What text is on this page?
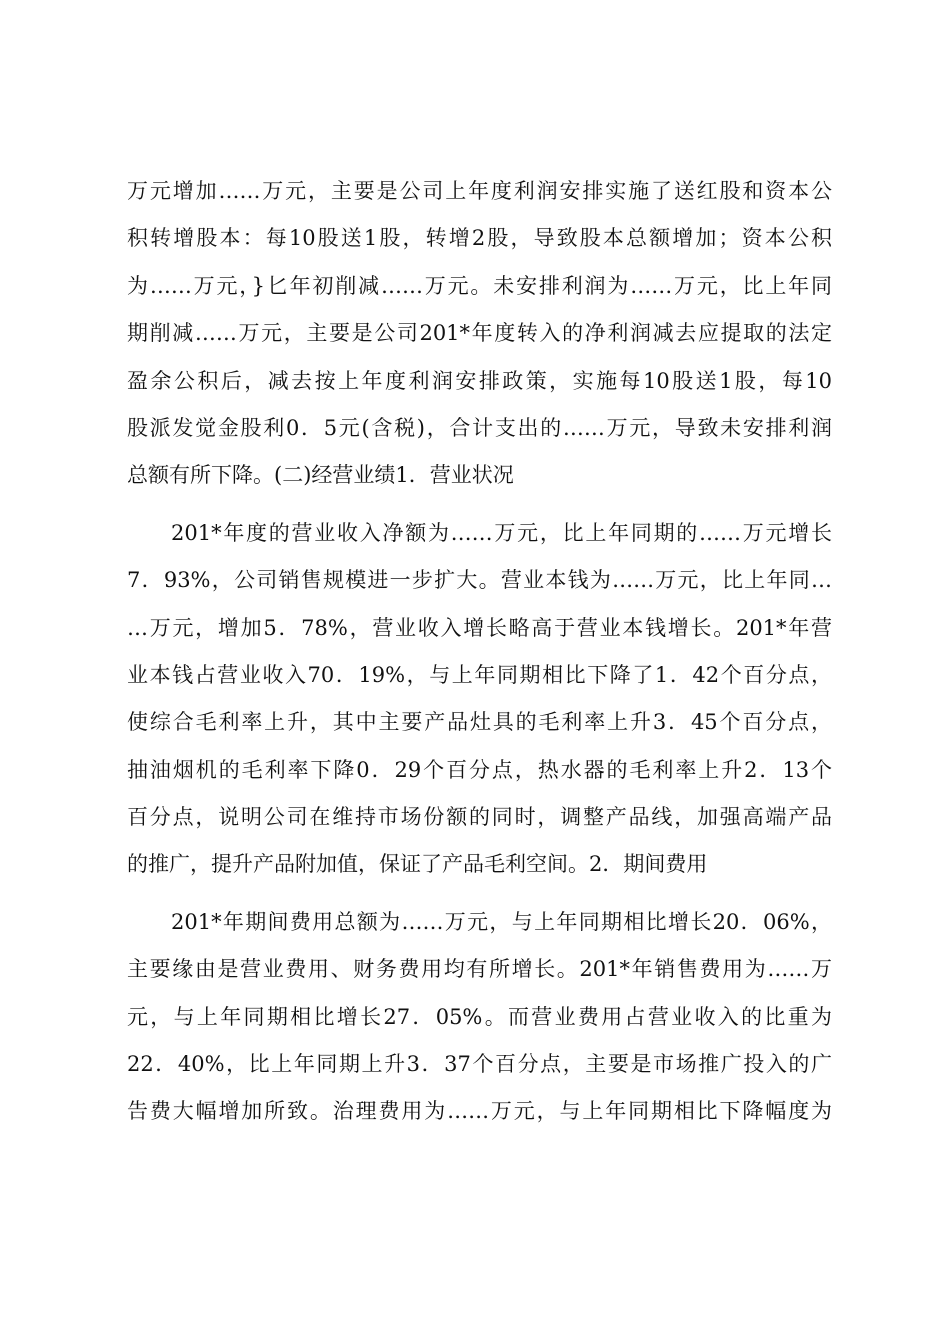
万元增加……万元，主要是公司上年度利润安排实施了送红股和资本公
积转增股本：每10股送1股，转增2股，导致股本总额增加；资本公积
为……万元，}匕年初削减……万元。未安排利润为……万元，比上年同
期削减……万元，主要是公司201*年度转入的净利润减去应提取的法定
盈余公积后，减去按上年度利润安排政策，实施每10股送1股，每10
股派发觉金股利0．5元(含税)，合计支出的……万元，导致未安排利润
总额有所下降。(二)经营业绩1．营业状况
201*年度的营业收入净额为……万元，比上年同期的……万元增长
7．93%，公司销售规模进一步扩大。营业本钱为……万元，比上年同…
…万元，增加5．78%，营业收入增长略高于营业本钱增长。201*年营
业本钱占营业收入70．19%，与上年同期相比下降了1．42个百分点，
使综合毛利率上升，其中主要产品灶具的毛利率上升3．45个百分点，
抽油烟机的毛利率下降0．29个百分点，热水器的毛利率上升2．13个
百分点，说明公司在维持市场份额的同时，调整产品线，加强高端产品
的推广，提升产品附加值，保证了产品毛利空间。2．期间费用
201*年期间费用总额为……万元，与上年同期相比增长20．06%，
主要缘由是营业费用、财务费用均有所增长。201*年销售费用为……万
元，与上年同期相比增长27．05%。而营业费用占营业收入的比重为
22．40%，比上年同期上升3．37个百分点，主要是市场推广投入的广
告费大幅增加所致。治理费用为……万元，与上年同期相比下降幅度为
